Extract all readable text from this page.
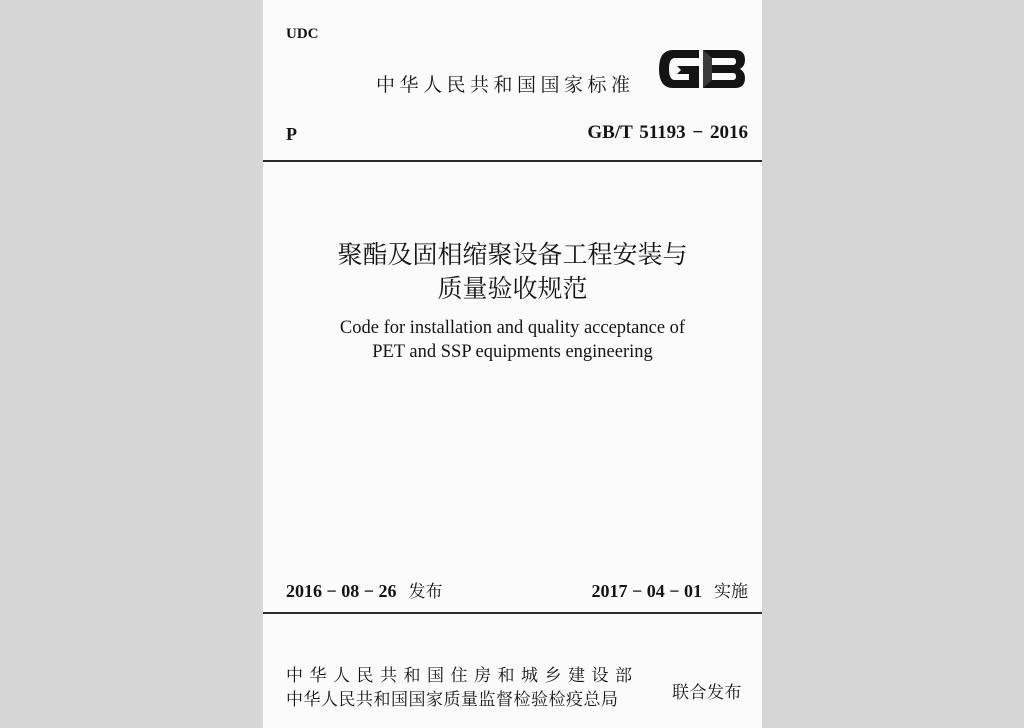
UDC
中华人民共和国国家标准
P	GB/T 51193 − 2016
聚酯及固相缩聚设备工程安装与
质量验收规范
Code for installation and quality acceptance of
PET and SSP equipments engineering
2016 − 08 − 26 发布	2017 − 04 − 01 实施
中华人民共和国住房和城乡建设部
中华人民共和国国家质量监督检验检疫总局	联合发布
